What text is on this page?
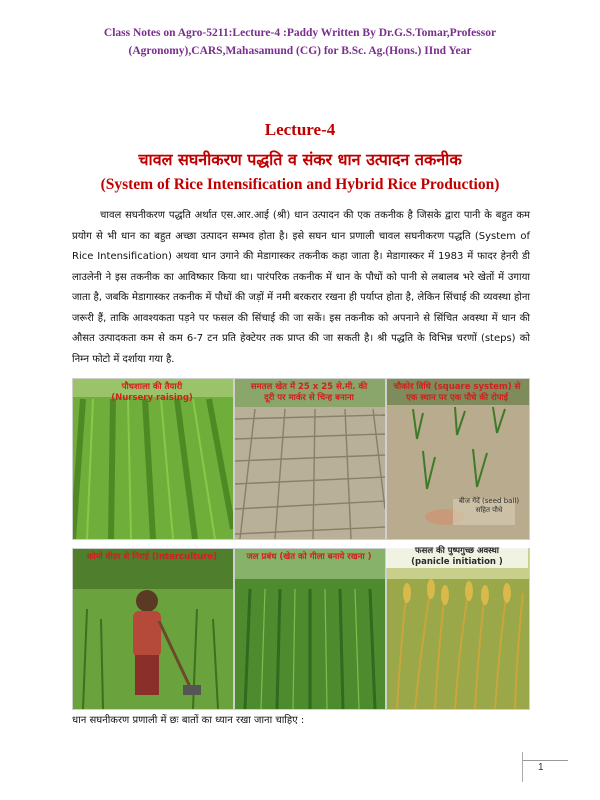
Class Notes on Agro-5211:Lecture-4 :Paddy Written By Dr.G.S.Tomar,Professor
(Agronomy),CARS,Mahasamund (CG) for B.Sc. Ag.(Hons.) IInd Year
Lecture-4
चावल सघनीकरण पद्धति व संकर धान उत्पादन तकनीक
(System of Rice Intensification and Hybrid Rice Production)
चावल सघनीकरण पद्धति अर्थात एस.आर.आई (श्री) धान उत्पादन की एक तकनीक है जिसके द्वारा पानी के बहुत कम प्रयोग से भी धान का बहुत अच्छा उत्पादन सम्भव होता है। इसे सघन धान प्रणाली चावल सघनीकरण पद्धति (System of Rice Intensification) अथवा धान उगाने की मेडागास्कर तकनीक कहा जाता है। मेडागास्कर में 1983 में फादर हेनरी डी लाउलेनी ने इस तकनीक का आविष्कार किया था। पारंपरिक तकनीक में धान के पौधों को पानी से लबालब भरे खेतों में उगाया जाता है, जबकि मेडागास्कर तकनीक में पौधों की जड़ों में नमी बरकरार रखना ही पर्याप्त होता है, लेकिन सिंचाई की व्यवस्था होना जरूरी हैं, ताकि आवश्यकता पड़ने पर फसल की सिंचाई की जा सकें। इस तकनीक को अपनाने से सिंचित अवस्था में धान की औसत उत्पादकता कम से कम 6-7 टन प्रति हेक्टेयर तक प्राप्त की जा सकती है। श्री पद्धति के विभिन्न चरणों (steps) को निम्न फोटो में दर्शाया गया है.
बीज गेंदें (seed ball)
सहित पौधे
पौधशाला की तैयारी
(Nursery raising)
समतल खेत में 25 x 25 से.मी. की
दूरी पर मार्कर से चिन्ह बनाना
चौकोर विधि (square system) से
एक स्थान पर एक पौधे की रोपाई
कोनो वीडर से निराई (Interculture)	जल प्रबंध (खेत को गीला बनाये रखना )
फसल की पुष्पगुच्छ अवस्था
(panicle initiation )
धान सघनीकरण प्रणाली में छः बातों का ध्यान रखा जाना चाहिए :
1
